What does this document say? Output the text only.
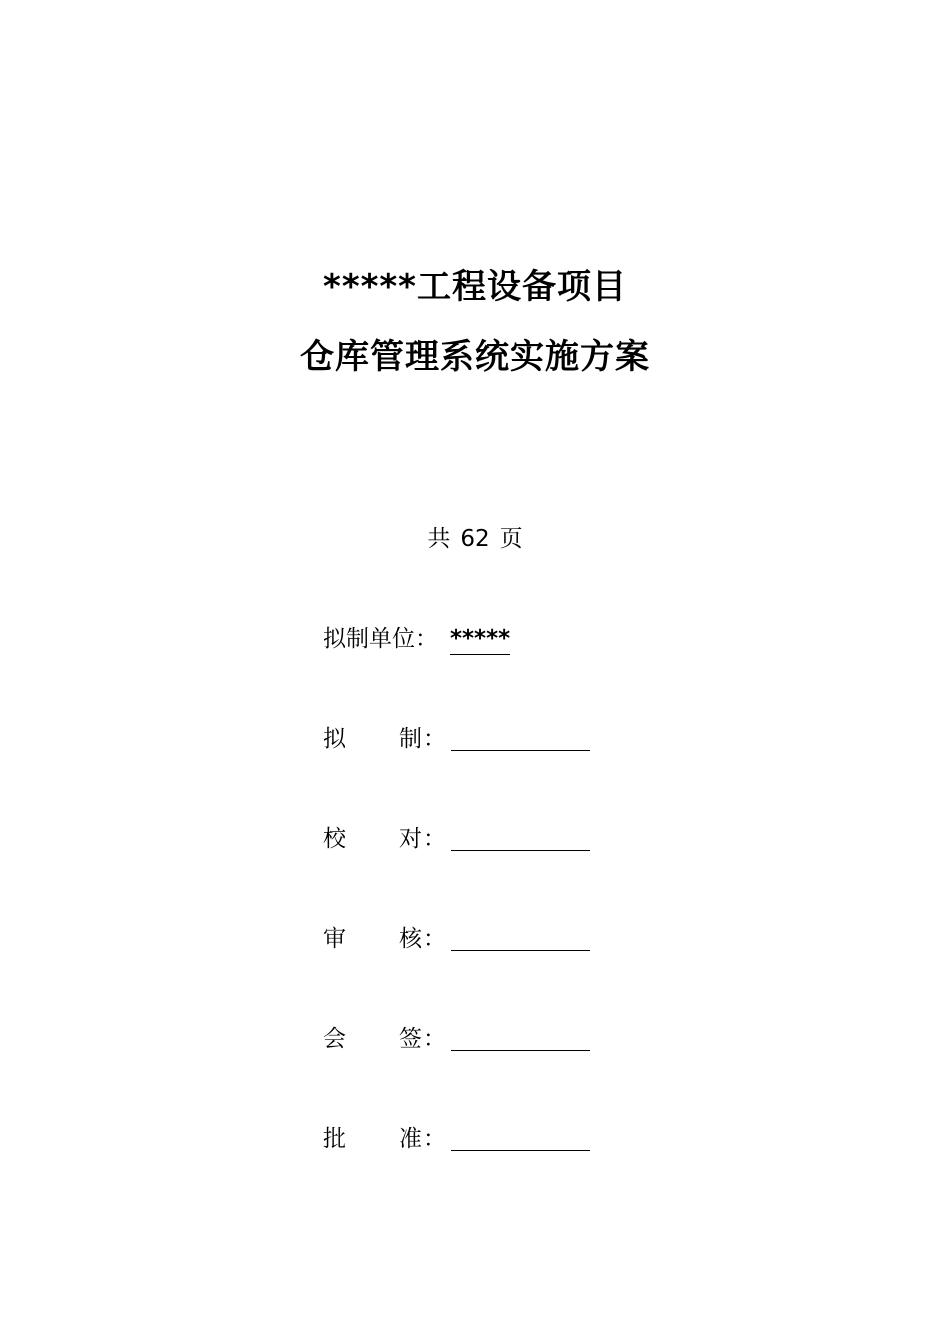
*****工程设备项目
仓库管理系统实施方案
共 62 页
拟制单位： *****
拟 制 ：
校 对 ：
审 核 ：
会 签 ：
批 准 ：
